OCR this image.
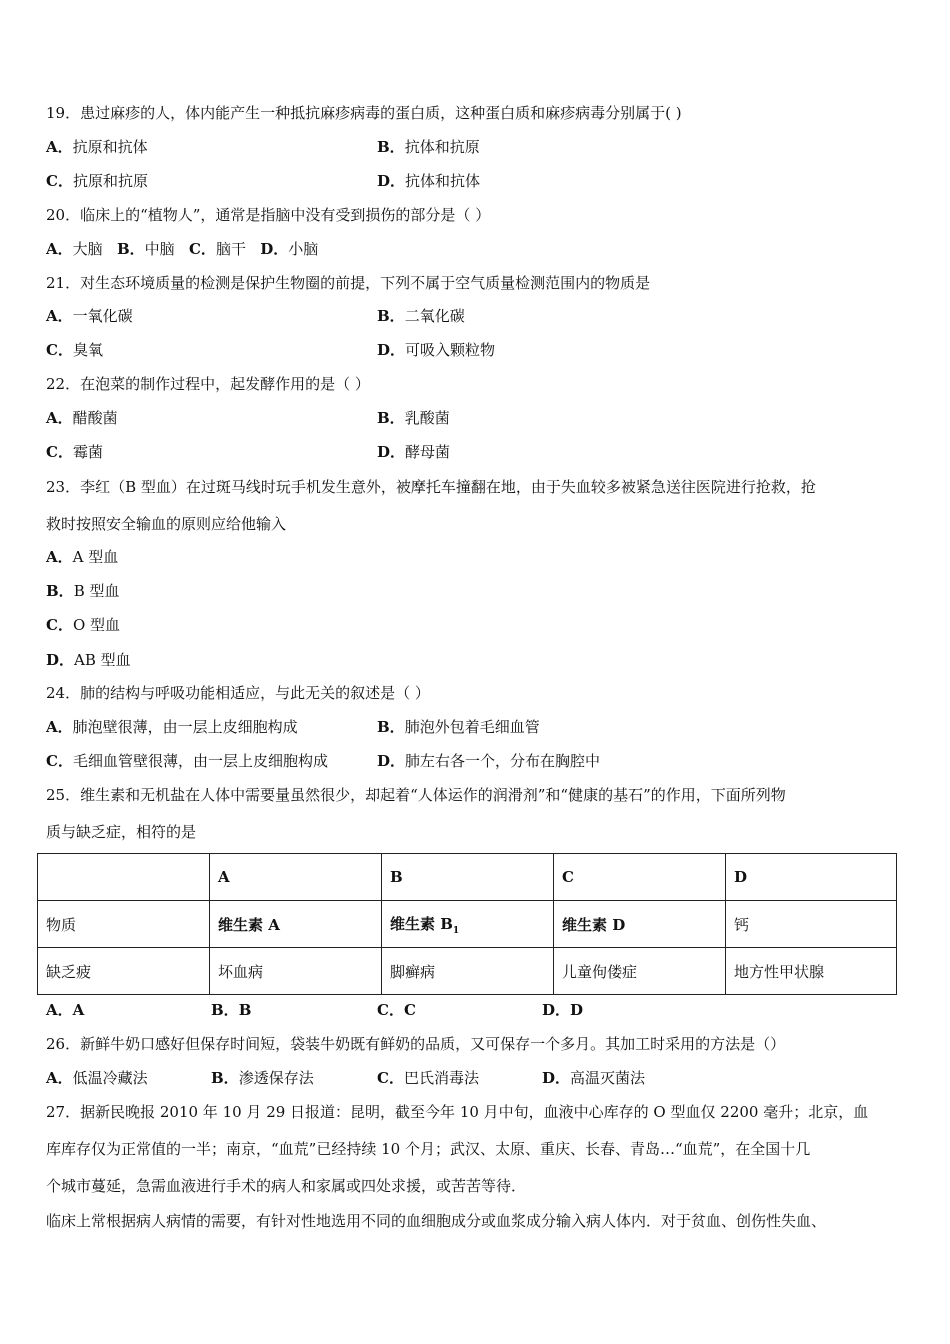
19．患过麻疹的人，体内能产生一种抵抗麻疹病毒的蛋白质，这种蛋白质和麻疹病毒分别属于( )
A．抗原和抗体	B．抗体和抗原
C．抗原和抗原	D．抗体和抗体
20．临床上的“植物人”，通常是指脑中没有受到损伤的部分是（ ）
A．大脑 B．中脑 C．脑干 D．小脑
21．对生态环境质量的检测是保护生物圈的前提，下列不属于空气质量检测范围内的物质是
A．一氧化碳	B．二氧化碳
C．臭氧	D．可吸入颗粒物
22．在泡菜的制作过程中，起发酵作用的是（ ）
A．醋酸菌	B．乳酸菌
C．霉菌	D．酵母菌
23．李红（B 型血）在过斑马线时玩手机发生意外，被摩托车撞翻在地，由于失血较多被紧急送往医院进行抢救，抢
救时按照安全输血的原则应给他输入
A．A 型血
B．B 型血
C．O 型血
D．AB 型血
24．肺的结构与呼吸功能相适应，与此无关的叙述是（ ）
A．肺泡壁很薄，由一层上皮细胞构成	B．肺泡外包着毛细血管
C．毛细血管壁很薄，由一层上皮细胞构成	D．肺左右各一个，分布在胸腔中
25．维生素和无机盐在人体中需要量虽然很少，却起着“人体运作的润滑剂”和“健康的基石”的作用，下面所列物
质与缺乏症，相符的是
	A	B	C	D
物质	维生素 A	维生素 $B_1$	维生素 D	钙
缺乏疲	坏血病	脚癣病	儿童佝偻症	地方性甲状腺
A．A	B．B	C．C	D．D
26．新鲜牛奶口感好但保存时间短，袋装牛奶既有鲜奶的品质，又可保存一个多月。其加工时采用的方法是（）
A．低温冷藏法	B．渗透保存法	C．巴氏消毒法	D．高温灭菌法
27．据新民晚报 2010 年 10 月 29 日报道：昆明，截至今年 10 月中旬，血液中心库存的 O 型血仅 2200 毫升；北京，血
库库存仅为正常值的一半；南京，“血荒”已经持续 10 个月；武汉、太原、重庆、长春、青岛…“血荒”，在全国十几
个城市蔓延，急需血液进行手术的病人和家属或四处求援，或苦苦等待．
临床上常根据病人病情的需要，有针对性地选用不同的血细胞成分或血浆成分输入病人体内．对于贫血、创伤性失血、
